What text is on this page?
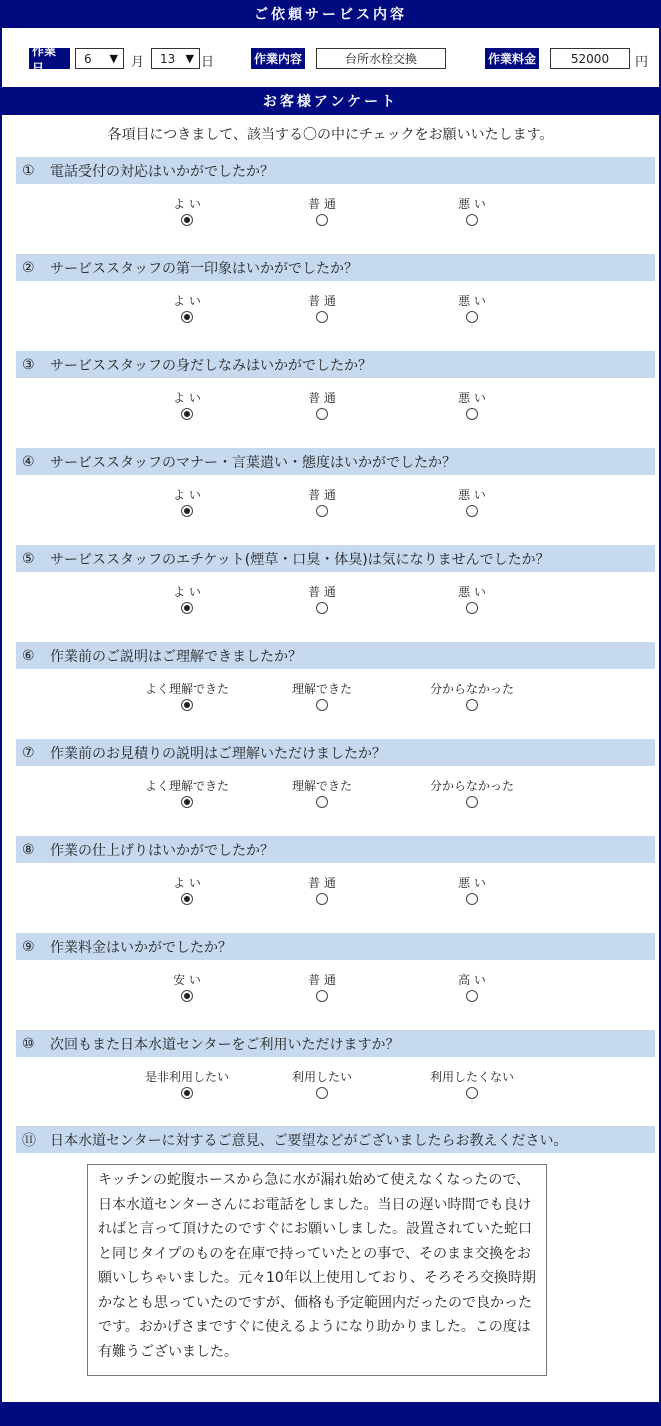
ご依頼サービス内容
作業日
6 ▼ 月 13 ▼ 日	作業内容	台所水栓交換	作業料金	52000	円
お客様アンケート
各項目につきまして、該当する〇の中にチェックをお願いいたします。
①	電話受付の対応はいかがでしたか？
よ い	普 通	悪 い
②	サービススタッフの第一印象はいかがでしたか？
よ い	普 通	悪 い
③	サービススタッフの身だしなみはいかがでしたか？
よ い	普 通	悪 い
④	サービススタッフのマナー・言葉遣い・態度はいかがでしたか？
よ い	普 通	悪 い
⑤	サービススタッフのエチケット(煙草・口臭・体臭)は気になりませんでしたか？
よ い	普 通	悪 い
⑥	作業前のご説明はご理解できましたか？
よく理解できた	理解できた	分からなかった
⑦	作業前のお見積りの説明はご理解いただけましたか？
よく理解できた	理解できた	分からなかった
⑧	作業の仕上げりはいかがでしたか？
よ い	普 通	悪 い
⑨	作業料金はいかがでしたか？
安 い	普 通	高 い
⑩	次回もまた日本水道センターをご利用いただけますか？
是非利用したい	利用したい	利用したくない
⑪	日本水道センターに対するご意見、ご要望などがございましたらお教えください。
キッチンの蛇腹ホースから急に水が漏れ始めて使えなくなったので、日本水道センターさんにお電話をしました。当日の遅い時間でも良ければと言って頂けたのですぐにお願いしました。設置されていた蛇口と同じタイプのものを在庫で持っていたとの事で、そのまま交換をお願いしちゃいました。元々10年以上使用しており、そろそろ交換時期かなとも思っていたのですが、価格も予定範囲内だったので良かったです。おかげさまですぐに使えるようになり助かりました。この度は有難うございました。
